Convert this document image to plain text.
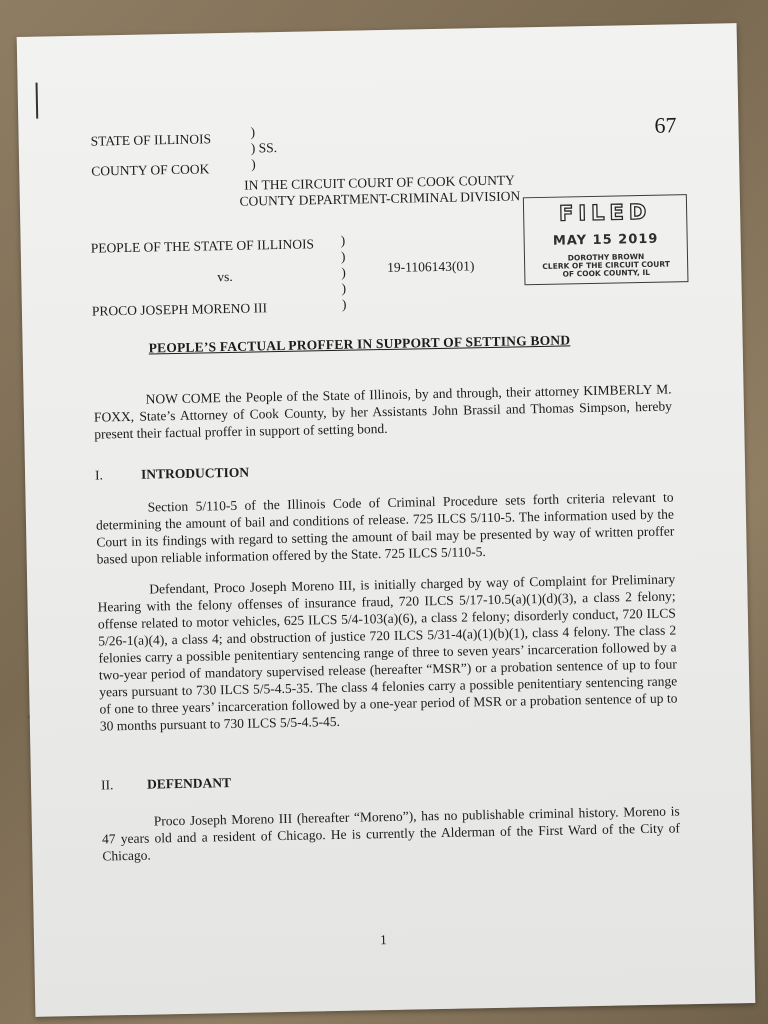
67
STATE OF ILLINOIS	)
) SS.
COUNTY OF COOK	)
IN THE CIRCUIT COURT OF COOK COUNTY
COUNTY DEPARTMENT-CRIMINAL DIVISION
PEOPLE OF THE STATE OF ILLINOIS
vs.
PROCO JOSEPH MORENO III
)
)
)
)
)
19-1106143(01)
FILED
MAY 15 2019
DOROTHY BROWN
CLERK OF THE CIRCUIT COURT
OF COOK COUNTY, IL
PEOPLE’S FACTUAL PROFFER IN SUPPORT OF SETTING BOND
NOW COME the People of the State of Illinois, by and through, their attorney KIMBERLY M. FOXX, State’s Attorney of Cook County, by her Assistants John Brassil and Thomas Simpson, hereby present their factual proffer in support of setting bond.
I.	INTRODUCTION
Section 5/110-5 of the Illinois Code of Criminal Procedure sets forth criteria relevant to determining the amount of bail and conditions of release. 725 ILCS 5/110-5. The information used by the Court in its findings with regard to setting the amount of bail may be presented by way of written proffer based upon reliable information offered by the State. 725 ILCS 5/110-5.
Defendant, Proco Joseph Moreno III, is initially charged by way of Complaint for Preliminary Hearing with the felony offenses of insurance fraud, 720 ILCS 5/17-10.5(a)(1)(d)(3), a class 2 felony; offense related to motor vehicles, 625 ILCS 5/4-103(a)(6), a class 2 felony; disorderly conduct, 720 ILCS 5/26-1(a)(4), a class 4; and obstruction of justice 720 ILCS 5/31-4(a)(1)(b)(1), class 4 felony. The class 2 felonies carry a possible penitentiary sentencing range of three to seven years’ incarceration followed by a two-year period of mandatory supervised release (hereafter “MSR”) or a probation sentence of up to four years pursuant to 730 ILCS 5/5-4.5-35. The class 4 felonies carry a possible penitentiary sentencing range of one to three years’ incarceration followed by a one-year period of MSR or a probation sentence of up to 30 months pursuant to 730 ILCS 5/5-4.5-45.
II. DEFENDANT
Proco Joseph Moreno III (hereafter “Moreno”), has no publishable criminal history. Moreno is 47 years old and a resident of Chicago. He is currently the Alderman of the First Ward of the City of Chicago.
1
